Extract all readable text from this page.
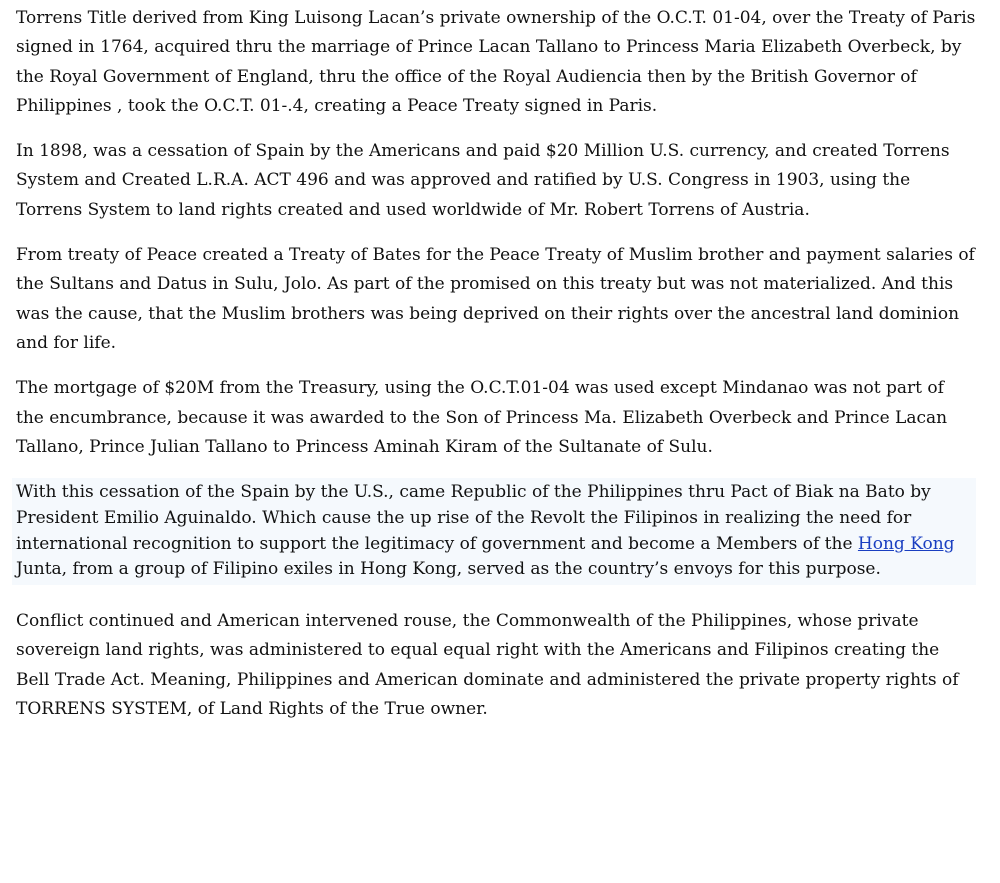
Torrens Title derived from King Luisong Lacan’s private ownership of the O.C.T. 01-04, over the Treaty of Paris signed in 1764, acquired thru the marriage of Prince Lacan Tallano to Princess Maria Elizabeth Overbeck, by the Royal Government of England, thru the office of the Royal Audiencia then by the British Governor of Philippines , took the O.C.T. 01-.4, creating a Peace Treaty signed in Paris.

In 1898, was a cessation of Spain by the Americans and paid $20 Million U.S. currency, and created Torrens System and Created L.R.A. ACT 496 and was approved and ratified by U.S. Congress in 1903, using the Torrens System to land rights created and used worldwide of Mr. Robert Torrens of Austria.

From treaty of Peace created a Treaty of Bates for the Peace Treaty of Muslim brother and payment salaries of the Sultans and Datus in Sulu, Jolo. As part of the promised on this treaty but was not materialized. And this was the cause, that the Muslim brothers was being deprived on their rights over the ancestral land dominion and for life.

The mortgage of $20M from the Treasury, using the O.C.T.01-04 was used except Mindanao was not part of the encumbrance, because it was awarded to the Son of Princess Ma. Elizabeth Overbeck and Prince Lacan Tallano, Prince Julian Tallano to Princess Aminah Kiram of the Sultanate of Sulu.

With this cessation of the Spain by the U.S., came Republic of the Philippines thru Pact of Biak na Bato by President Emilio Aguinaldo. Which cause the up rise of the Revolt the Filipinos in realizing the need for international recognition to support the legitimacy of government and become a Members of the Hong Kong Junta, from a group of Filipino exiles in Hong Kong, served as the country’s envoys for this purpose.

Conflict continued and American intervened rouse, the Commonwealth of the Philippines, whose private sovereign land rights, was administered to equal equal right with the Americans and Filipinos creating the Bell Trade Act. Meaning, Philippines and American dominate and administered the private property rights of TORRENS SYSTEM, of Land Rights of the True owner.
